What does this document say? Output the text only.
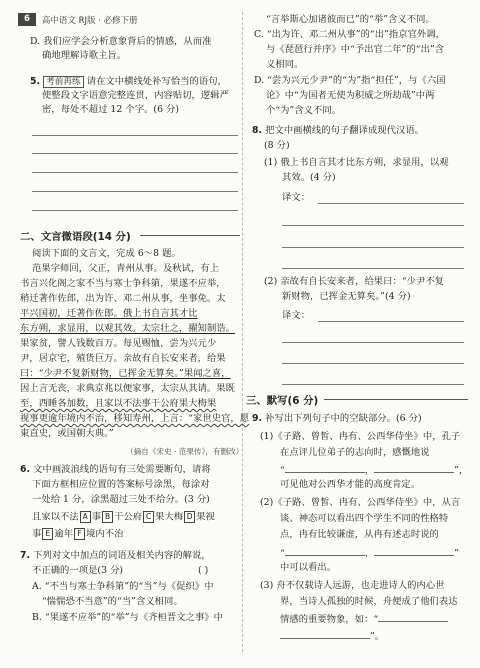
6	高中语文 RJ版 · 必修下册
D. 我们应学会分析意象背后的情感，从而准
确地理解诗歌主旨。
5. 考前再练 请在文中横线处补写恰当的语句，
使整段文字语意完整连贯，内容贴切，逻辑严
密，每处不超过 12 个字。(6 分)
二、文言微语段(14 分)
阅读下面的文言文，完成 6～8 题。
范果字师回，父正，青州从事。及秋试，有上
书言兴化阁之家不当与寒士争科第，果遂不应举，
稍迁著作佐郎，出为许、邓二州从事，坐事免。太
平兴国初，迁著作佐郎。俄上书自言其才比
东方朔，求显用，以观其效。太宗壮之，擢知制诰。
果家贫，譬人钱数百万。每见赐恤，尝为兴元少
尹，居京宅，殖货巨万。亲故有自长安来者，给果
曰：“少尹不复新财物，已挥金无算矣。”果闻之喜，
因上言无丧，求典京兆以便家事，太宗从其请。果既
至，西睡各加数，且家以不法事干公府果大梅果
视事更逾年境内不治，移知寿州，上言：“家世史官，愿
東直史，或国朝大典。”
（摘自《宋史 · 范果传》，有删改）
6. 文中画波浪线的语句有三处需要断句，请将
下面方框相应位置的答案标号涂黑，每涂对
一处给 1 分，涂黑超过三处不给分。(3 分)
且家以不法 A 事 B 干公府 C 果大梅 D 果视
事 E 逾年 F 境内不治
7. 下列对文中加点的词语及相关内容的解说，
不正确的一项是(3 分)	( )
A. “不当与寒士争科第”的“当”与《促织》中
“惴惴恐不当意”的“当”含义相同。
B. “果遂不应举”的“举”与《齐桓晋文之事》中
“言举斯心加诸彼而已”的“举”含义不同。
C. “出为许、邓二州从事”的“出”指京官外调，
与《琵琶行并序》中“予出官二年”的“出”含
义相同。
D. “尝为兴元少尹”的“为”指“担任”，与《六国
论》中“为国者无使为积威之所劫哉”中两
个“为”含义不同。
8. 把文中画横线的句子翻译成现代汉语。
(8 分)
(1) 俄上书自言其才比东方朔，求显用，以观
其效。(4 分)
译文：
(2) 亲故有自长安来者，给果曰：“少尹不复
新财物，已挥金无算矣。”(4 分)
译文：
三、默写(6 分)
9. 补写出下列句子中的空缺部分。(6 分)
(1)《子路、曾皙、冉有、公西华侍坐》中，孔子
在点评儿位弟子的志向时，感慨地说
“	，	”，
可见他对公西华才能的高度肯定。
(2)《子路、曾皙、冉有、公西华侍坐》中，从言
谈、神态可以看出四个学生不同的性格特
点，冉有比较谦虚，从冉有述志时说的
“	，	”
中可以看出。
(3) 舟不仅载诗人远游，也走进诗人的内心世
界，当诗人孤独的时候，舟便成了他们表达
情感的重要物象，如：“
”。
